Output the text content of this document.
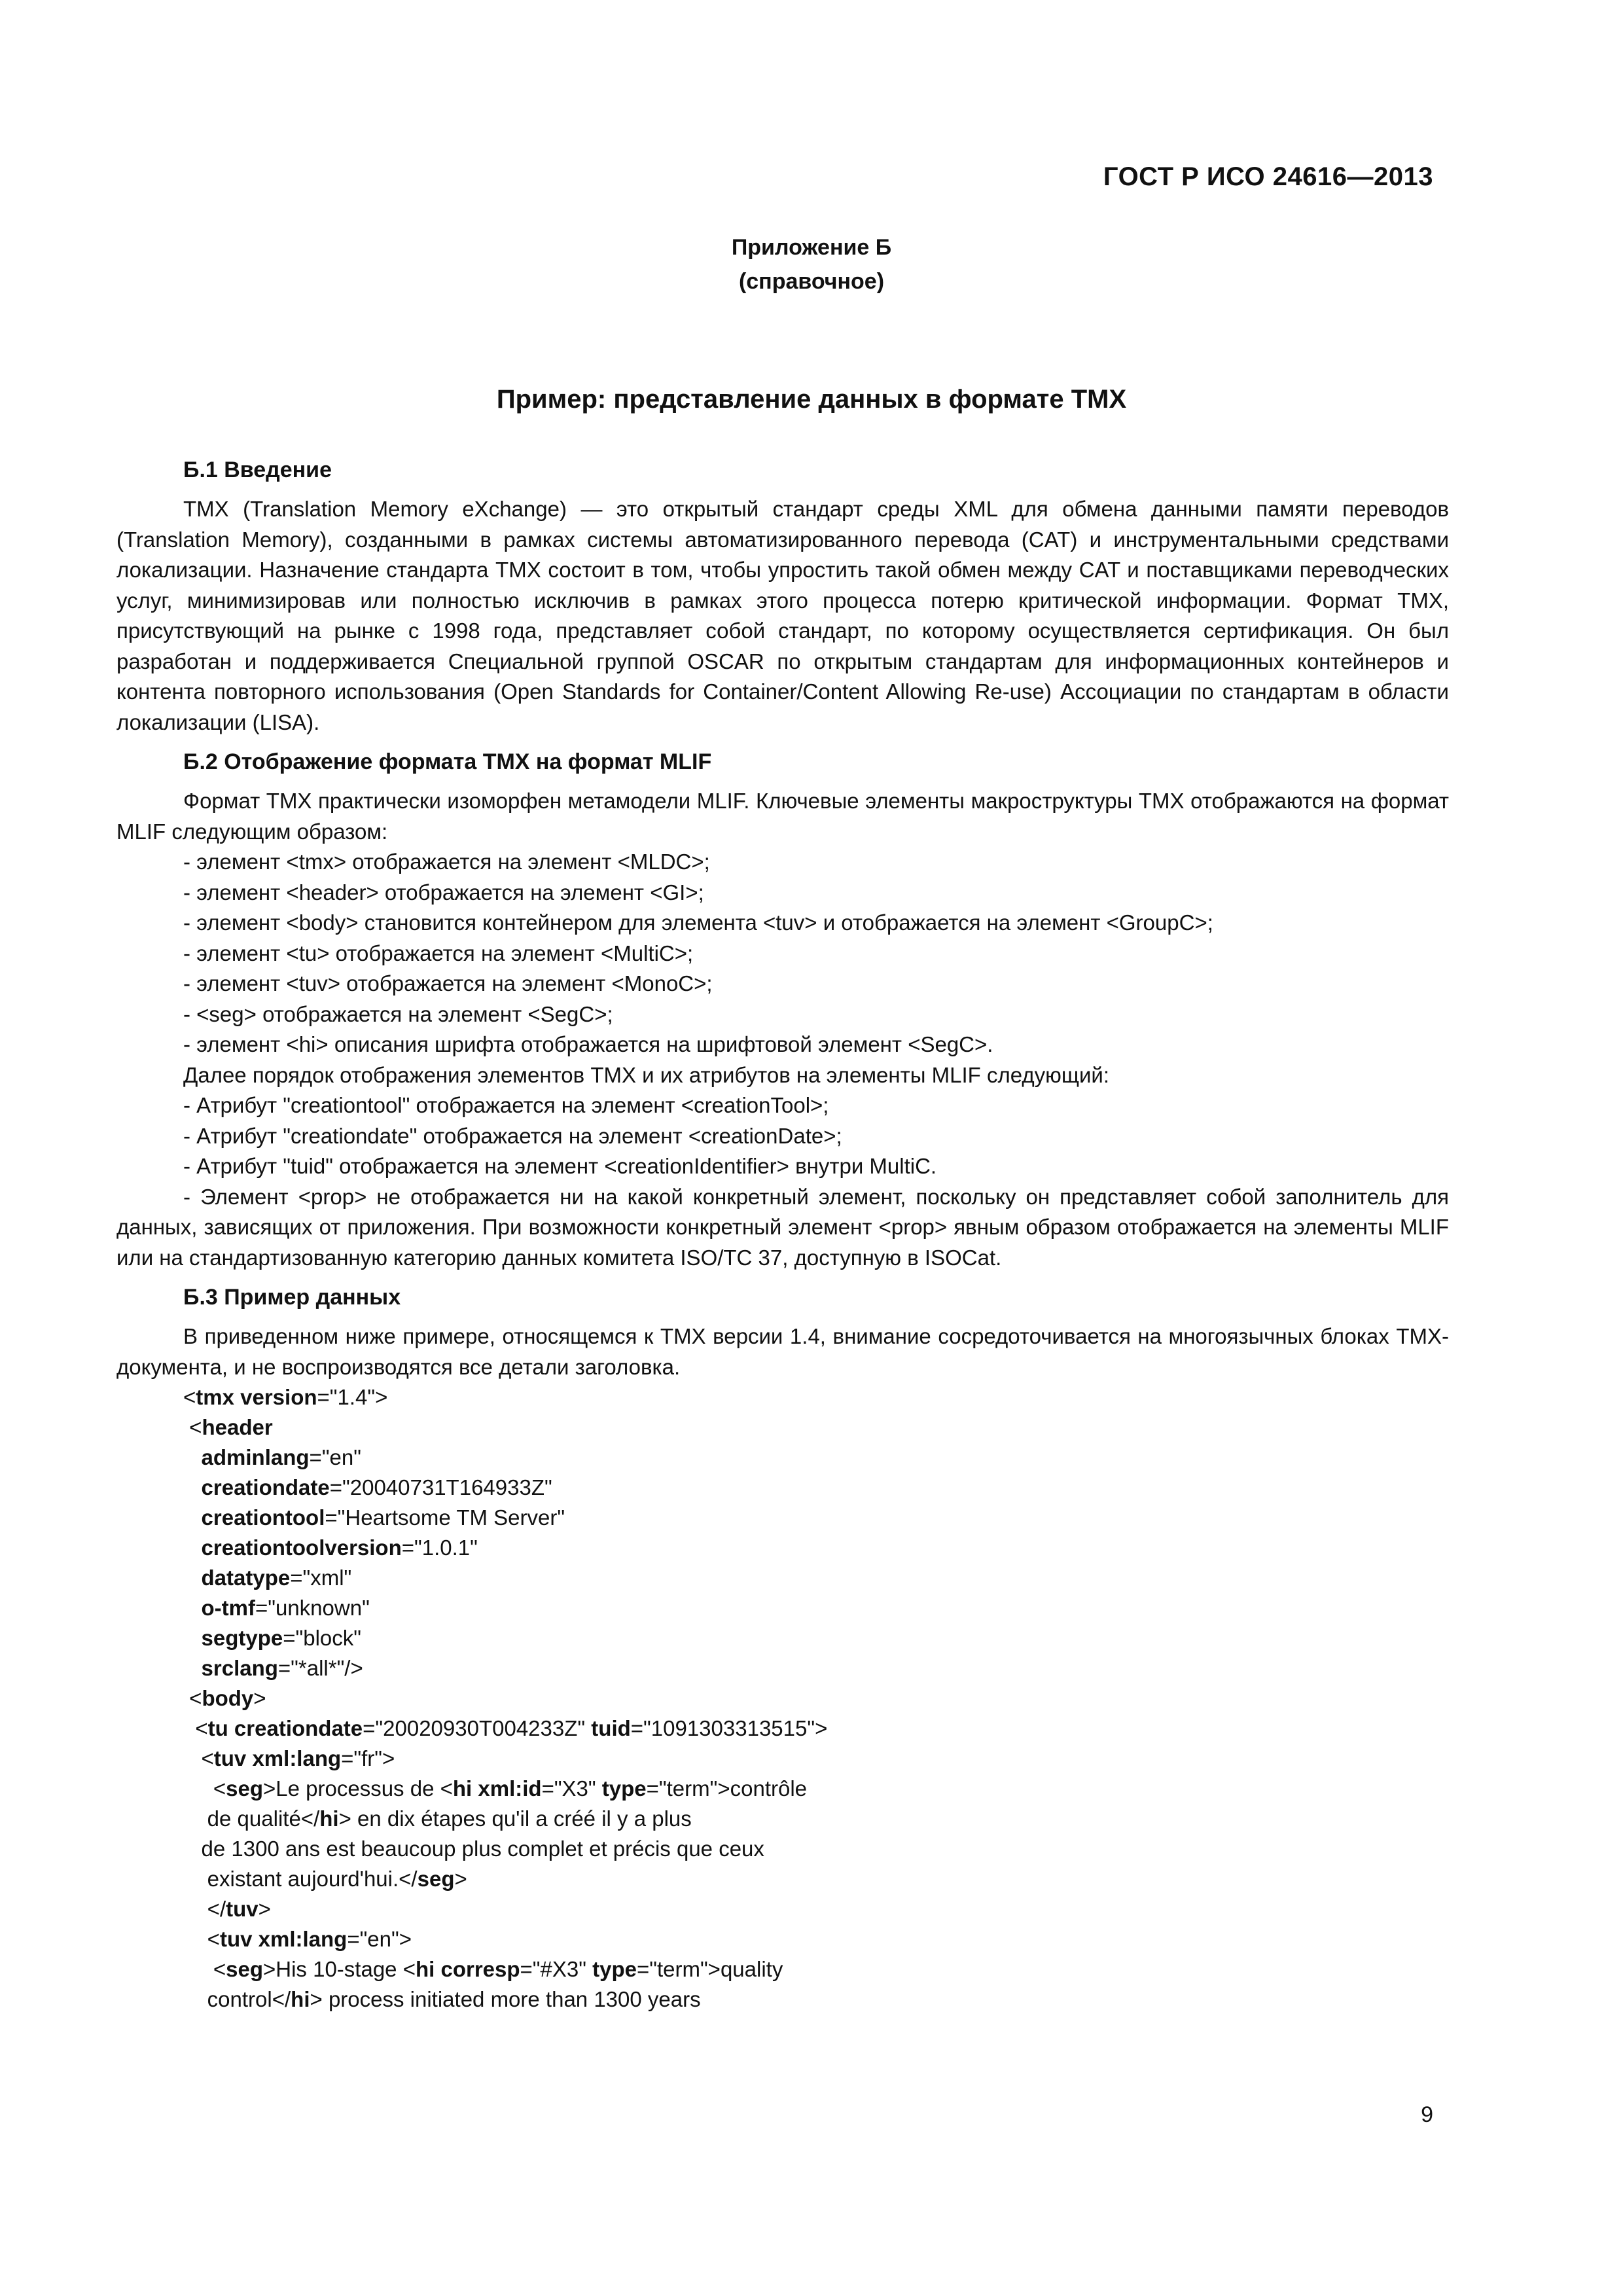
ГОСТ Р ИСО 24616—2013
Приложение Б
(справочное)
Пример: представление данных в формате TMX
Б.1 Введение

TMX (Translation Memory eXchange) — это открытый стандарт среды XML для обмена данными памяти переводов (Translation Memory), созданными в рамках системы автоматизированного перевода (CAT) и инструментальными средствами локализации. Назначение стандарта TMX состоит в том, чтобы упростить такой обмен между CAT и поставщиками переводческих услуг, минимизировав или полностью исключив в рамках этого процесса потерю критической информации. Формат TMX, присутствующий на рынке с 1998 года, представляет собой стандарт, по которому осуществляется сертификация. Он был разработан и поддерживается Специальной группой OSCAR по открытым стандартам для информационных контейнеров и контента повторного использования (Open Standards for Container/Content Allowing Re-use) Ассоциации по стандартам в области локализации (LISA).

Б.2 Отображение формата TMX на формат MLIF

Формат TMX практически изоморфен метамодели MLIF. Ключевые элементы макроструктуры TMX отображаются на формат MLIF следующим образом:

- элемент <tmx> отображается на элемент <MLDC>;

- элемент <header> отображается на элемент <GI>;

- элемент <body> становится контейнером для элемента <tuv> и отображается на элемент <GroupC>;

- элемент <tu> отображается на элемент <MultiC>;

- элемент <tuv> отображается на элемент <MonoC>;

- <seg> отображается на элемент <SegC>;

- элемент <hi> описания шрифта отображается на шрифтовой элемент <SegC>.

Далее порядок отображения элементов TMX и их атрибутов на элементы MLIF следующий:

- Атрибут "creationtool" отображается на элемент <creationTool>;

- Атрибут "creationdate" отображается на элемент <creationDate>;

- Атрибут "tuid" отображается на элемент <creationIdentifier> внутри MultiC.

- Элемент <prop> не отображается ни на какой конкретный элемент, поскольку он представляет собой заполнитель для данных, зависящих от приложения. При возможности конкретный элемент <prop> явным образом отображается на элементы MLIF или на стандартизованную категорию данных комитета ISO/TC 37, доступную в ISOCat.

Б.3 Пример данных

В приведенном ниже примере, относящемся к TMX версии 1.4, внимание сосредоточивается на многоязычных блоках TMX-документа, и не воспроизводятся все детали заголовка.

<tmx version="1.4">
<header
adminlang="en"
creationdate="20040731T164933Z"
creationtool="Heartsome TM Server"
creationtoolversion="1.0.1"
datatype="xml"
o-tmf="unknown"
segtype="block"
srclang="*all*"/>
<body>
<tu creationdate="20020930T004233Z" tuid="1091303313515">
<tuv xml:lang="fr">
<seg>Le processus de <hi xml:id="X3" type="term">contrôle
de qualité</hi> en dix étapes qu'il a créé il y a plus
de 1300 ans est beaucoup plus complet et précis que ceux
existant aujourd'hui.</seg>
</tuv>
<tuv xml:lang="en">
<seg>His 10-stage <hi corresp="#X3" type="term">quality
control</hi> process initiated more than 1300 years
9
